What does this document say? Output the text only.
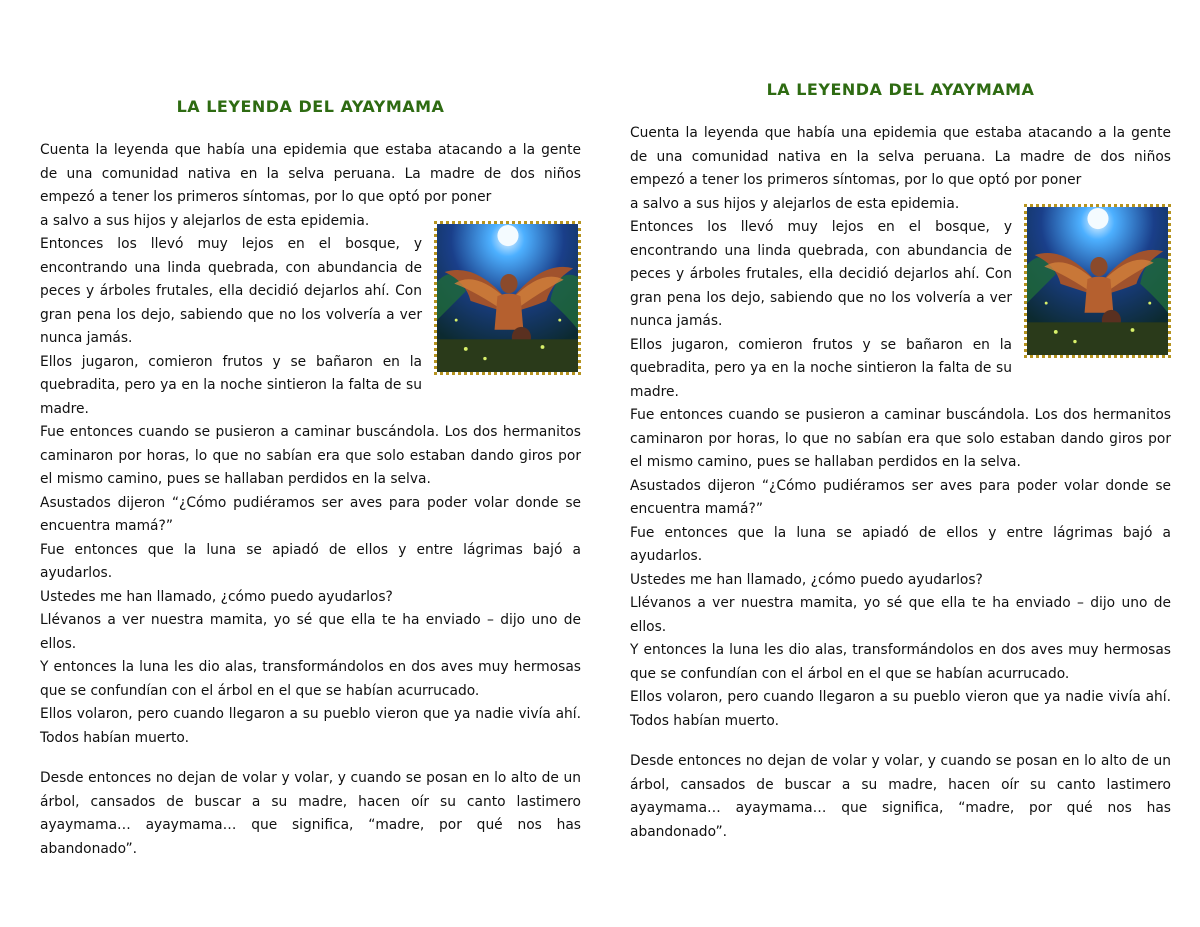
LA LEYENDA DEL AYAYMAMA

Cuenta la leyenda que había una epidemia que estaba atacando a la gente de una comunidad nativa en la selva peruana. La madre de dos niños empezó a tener los primeros síntomas, por lo que optó por poner

a salvo a sus hijos y alejarlos de esta epidemia.

Entonces los llevó muy lejos en el bosque, y encontrando una linda quebrada, con abundancia de peces y árboles frutales, ella decidió dejarlos ahí. Con gran pena los dejo, sabiendo que no los volvería a ver nunca jamás.

Ellos jugaron, comieron frutos y se bañaron en la quebradita, pero ya en la noche sintieron la falta de su madre.

Fue entonces cuando se pusieron a caminar buscándola. Los dos hermanitos caminaron por horas, lo que no sabían era que solo estaban dando giros por el mismo camino, pues se hallaban perdidos en la selva.

Asustados dijeron “¿Cómo pudiéramos ser aves para poder volar donde se encuentra mamá?”

Fue entonces que la luna se apiadó de ellos y entre lágrimas bajó a ayudarlos.

Ustedes me han llamado, ¿cómo puedo ayudarlos?

Llévanos a ver nuestra mamita, yo sé que ella te ha enviado – dijo uno de ellos.

Y entonces la luna les dio alas, transformándolos en dos aves muy hermosas que se confundían con el árbol en el que se habían acurrucado.

Ellos volaron, pero cuando llegaron a su pueblo vieron que ya nadie vivía ahí. Todos habían muerto.

Desde entonces no dejan de volar y volar, y cuando se posan en lo alto de un árbol, cansados de buscar a su madre, hacen oír su canto lastimero ayaymama… ayaymama… que significa, “madre, por qué nos has abandonado”.

LA LEYENDA DEL AYAYMAMA

Cuenta la leyenda que había una epidemia que estaba atacando a la gente de una comunidad nativa en la selva peruana. La madre de dos niños empezó a tener los primeros síntomas, por lo que optó por poner

a salvo a sus hijos y alejarlos de esta epidemia.

Entonces los llevó muy lejos en el bosque, y encontrando una linda quebrada, con abundancia de peces y árboles frutales, ella decidió dejarlos ahí. Con gran pena los dejo, sabiendo que no los volvería a ver nunca jamás.

Ellos jugaron, comieron frutos y se bañaron en la quebradita, pero ya en la noche sintieron la falta de su madre.

Fue entonces cuando se pusieron a caminar buscándola. Los dos hermanitos caminaron por horas, lo que no sabían era que solo estaban dando giros por el mismo camino, pues se hallaban perdidos en la selva.

Asustados dijeron “¿Cómo pudiéramos ser aves para poder volar donde se encuentra mamá?”

Fue entonces que la luna se apiadó de ellos y entre lágrimas bajó a ayudarlos.

Ustedes me han llamado, ¿cómo puedo ayudarlos?

Llévanos a ver nuestra mamita, yo sé que ella te ha enviado – dijo uno de ellos.

Y entonces la luna les dio alas, transformándolos en dos aves muy hermosas que se confundían con el árbol en el que se habían acurrucado.

Ellos volaron, pero cuando llegaron a su pueblo vieron que ya nadie vivía ahí. Todos habían muerto.

Desde entonces no dejan de volar y volar, y cuando se posan en lo alto de un árbol, cansados de buscar a su madre, hacen oír su canto lastimero ayaymama… ayaymama… que significa, “madre, por qué nos has abandonado”.
